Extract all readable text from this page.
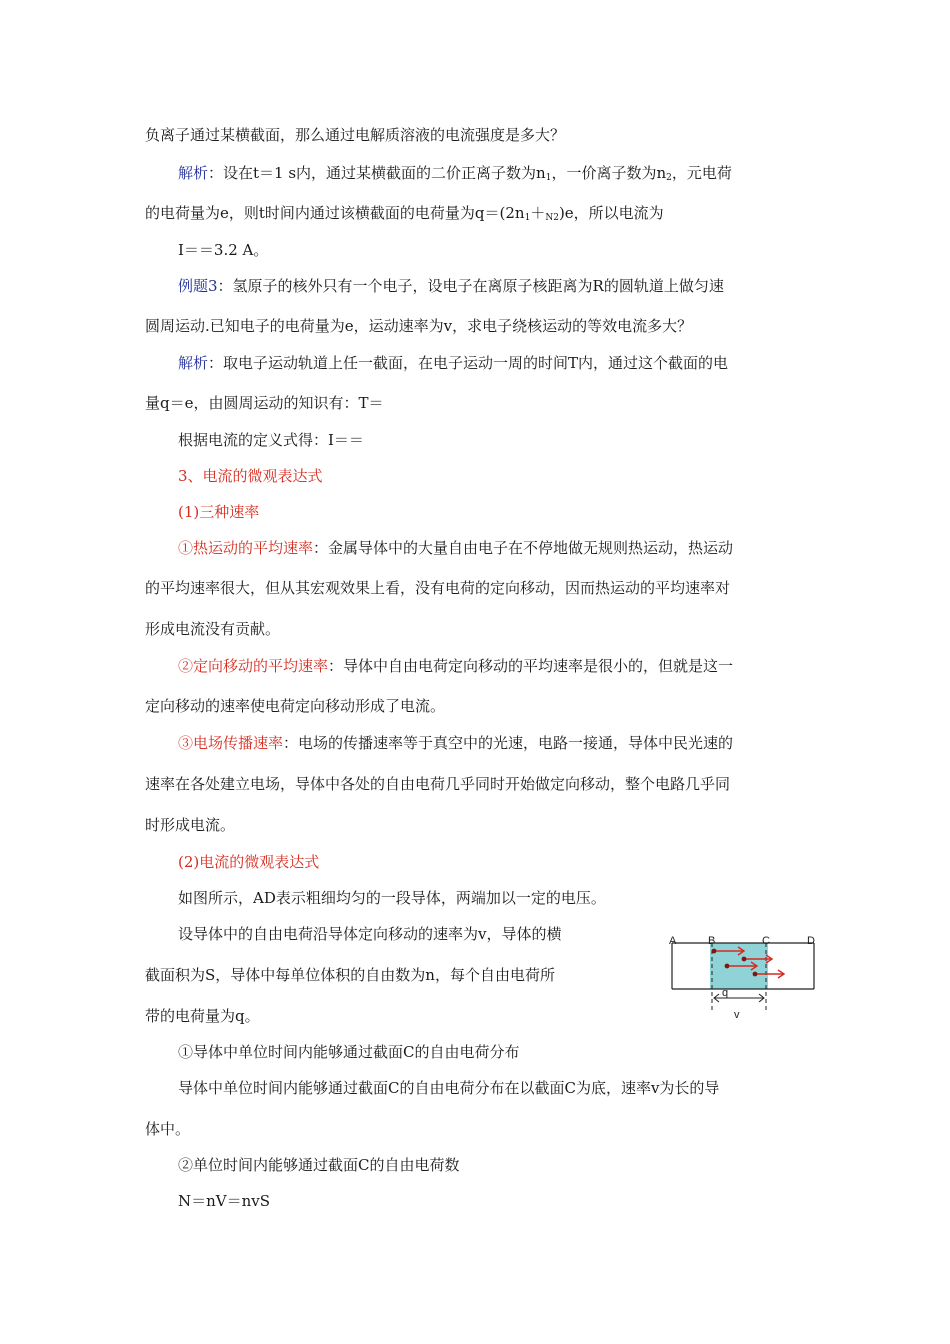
负离子通过某横截面，那么通过电解质溶液的电流强度是多大？
解析：设在t＝1 s内，通过某横截面的二价正离子数为$n_1$，一价离子数为$n_2$，元电荷
的电荷量为e，则t时间内通过该横截面的电荷量为$q=(2n_1+_{N2})e$，所以电流为
I＝＝3.2 A。
例题3：氢原子的核外只有一个电子，设电子在离原子核距离为R的圆轨道上做匀速
圆周运动.已知电子的电荷量为e，运动速率为v，求电子绕核运动的等效电流多大？
解析：取电子运动轨道上任一截面，在电子运动一周的时间T内，通过这个截面的电
量q＝e，由圆周运动的知识有：T＝
根据电流的定义式得：I＝＝
3、电流的微观表达式
(1)三种速率
①热运动的平均速率：金属导体中的大量自由电子在不停地做无规则热运动，热运动
的平均速率很大，但从其宏观效果上看，没有电荷的定向移动，因而热运动的平均速率对
形成电流没有贡献。
②定向移动的平均速率：导体中自由电荷定向移动的平均速率是很小的，但就是这一
定向移动的速率使电荷定向移动形成了电流。
③电场传播速率：电场的传播速率等于真空中的光速，电路一接通，导体中民光速的
速率在各处建立电场，导体中各处的自由电荷几乎同时开始做定向移动，整个电路几乎同
时形成电流。
(2)电流的微观表达式
如图所示，AD表示粗细均匀的一段导体，两端加以一定的电压。
设导体中的自由电荷沿导体定向移动的速率为v，导体的横
截面积为S，导体中每单位体积的自由数为n，每个自由电荷所
带的电荷量为q。
①导体中单位时间内能够通过截面C的自由电荷分布
导体中单位时间内能够通过截面C的自由电荷分布在以截面C为底，速率v为长的导
体中。
②单位时间内能够通过截面C的自由电荷数
N＝nV＝nvS
A	B	C	D
q
v
